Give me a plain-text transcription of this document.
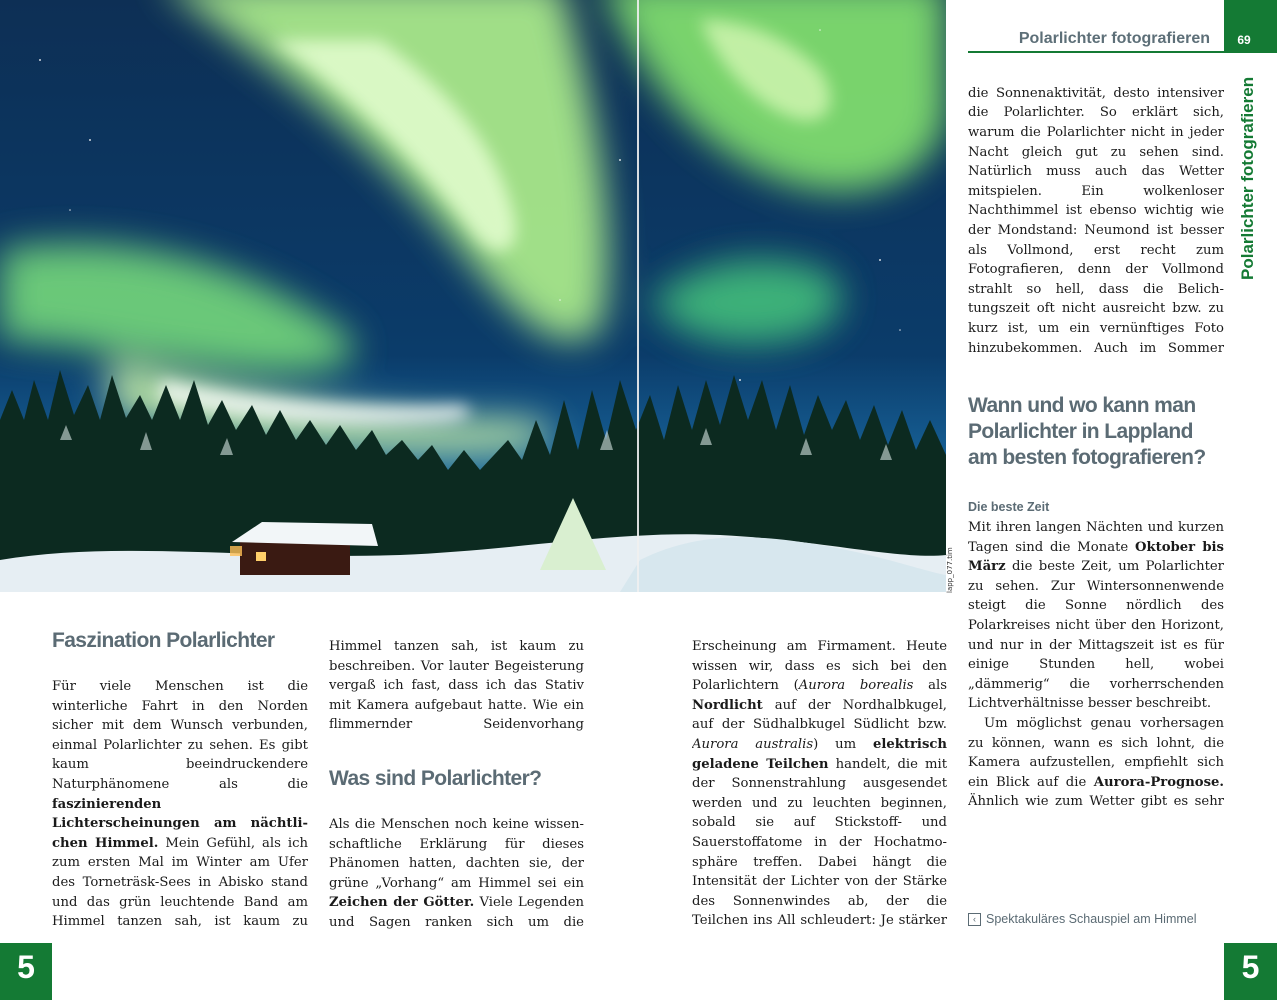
lapp_077.tim
Polarlichter fotografieren	69
Polarlichter fotografieren
Faszination Polarlichter

Für viele Menschen ist die winterliche Fahrt in den Norden sicher mit dem Wunsch verbunden, einmal Polarlichter zu sehen. Es gibt kaum beeindruckendere Naturphänomene als die faszinierenden Lichterscheinungen am nächtlichen Himmel. Mein Gefühl, als ich zum ersten Mal im Winter am Ufer des Torneträsk-Sees in Abisko stand und das grün leuchtende Band am Himmel tanzen sah, ist kaum zu

Himmel tanzen sah, ist kaum zu beschreiben. Vor lauter Begeisterung vergaß ich fast, dass ich das Stativ mit Kamera aufgebaut hatte. Wie ein flimmernder Seidenvorhang

Was sind Polarlichter?

Als die Menschen noch keine wissenschaftliche Erklärung für dieses Phänomen hatten, dachten sie, der grüne „Vorhang“ am Himmel sei ein Zeichen der Götter. Viele Legenden und Sagen ranken sich um die

Erscheinung am Firmament. Heute wissen wir, dass es sich bei den Polarlichtern (Aurora borealis als Nordlicht auf der Nordhalbkugel, auf der Südhalbkugel Südlicht bzw. Aurora australis) um elektrisch geladene Teilchen handelt, die mit der Sonnenstrahlung ausgesendet werden und zu leuchten beginnen, sobald sie auf Stickstoff- und Sauerstoffatome in der Hochatmosphäre treffen. Dabei hängt die Intensität der Lichter von der Stärke des Sonnenwindes ab, der die Teilchen ins All schleudert: Je stärker

die Sonnenaktivität, desto intensiver die Polarlichter. So erklärt sich, warum die Polarlichter nicht in jeder Nacht gleich gut zu sehen sind. Natürlich muss auch das Wetter mitspielen. Ein wolkenloser Nachthimmel ist ebenso wichtig wie der Mondstand: Neumond ist besser als Vollmond, erst recht zum Fotografieren, denn der Vollmond strahlt so hell, dass die Belichtungszeit oft nicht ausreicht bzw. zu kurz ist, um ein vernünftiges Foto hinzubekommen. Auch im Sommer

Wann und wo kann man Polarlichter in Lappland am besten fotografieren?
Die beste Zeit

Mit ihren langen Nächten und kurzen Tagen sind die Monate Oktober bis März die beste Zeit, um Polarlichter zu sehen. Zur Wintersonnenwende steigt die Sonne nördlich des Polarkreises nicht über den Horizont, und nur in der Mittagszeit ist es für einige Stunden hell, wobei „dämmerig“ die vorherrschenden Lichtverhältnisse besser beschreibt.

Um möglichst genau vorhersagen zu können, wann es sich lohnt, die Kamera aufzustellen, empfiehlt sich ein Blick auf die Aurora-Prognose. Ähnlich wie zum Wetter gibt es sehr

‹ Spektakuläres Schauspiel am Himmel
5	5
